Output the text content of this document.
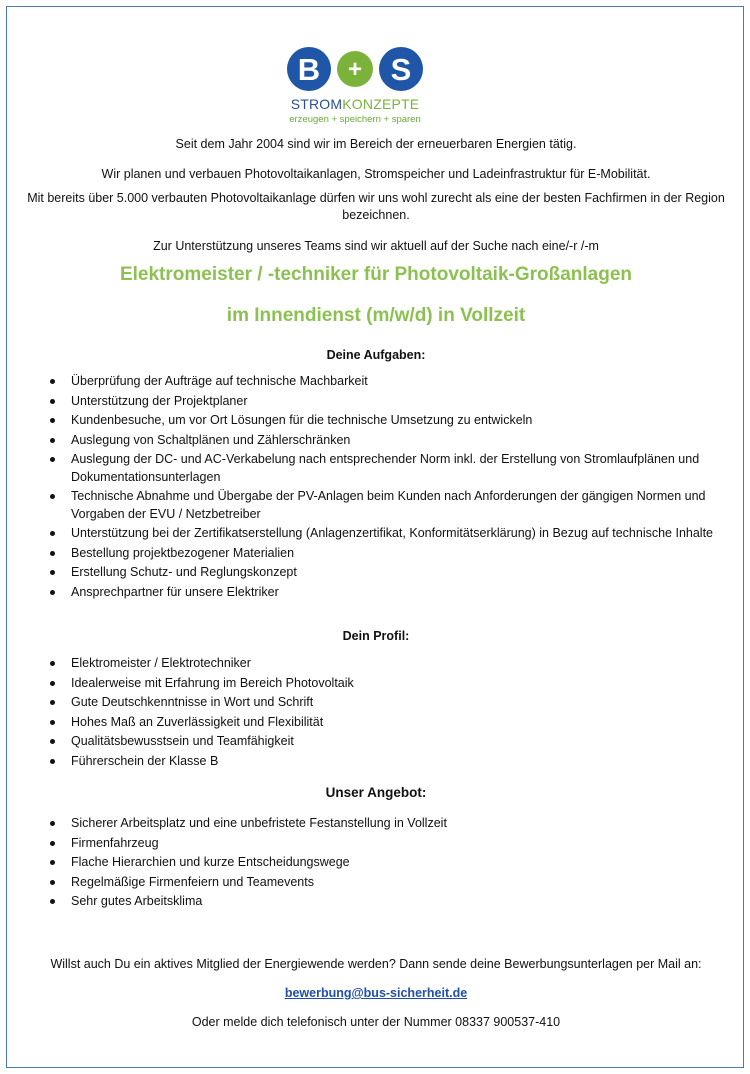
B + S
STROMKONZEPTE
erzeugen + speichern + sparen
Seit dem Jahr 2004 sind wir im Bereich der erneuerbaren Energien tätig.
Wir planen und verbauen Photovoltaikanlagen, Stromspeicher und Ladeinfrastruktur für E-Mobilität.
Mit bereits über 5.000 verbauten Photovoltaikanlage dürfen wir uns wohl zurecht als eine der besten Fachfirmen in der Region bezeichnen.
Zur Unterstützung unseres Teams sind wir aktuell auf der Suche nach eine/-r /-m
Elektromeister / -techniker für Photovoltaik-Großanlagen
im Innendienst (m/w/d) in Vollzeit
Deine Aufgaben:
Überprüfung der Aufträge auf technische Machbarkeit
Unterstützung der Projektplaner
Kundenbesuche, um vor Ort Lösungen für die technische Umsetzung zu entwickeln
Auslegung von Schaltplänen und Zählerschränken
Auslegung der DC- und AC-Verkabelung nach entsprechender Norm inkl. der Erstellung von Stromlaufplänen und Dokumentationsunterlagen
Technische Abnahme und Übergabe der PV-Anlagen beim Kunden nach Anforderungen der gängigen Normen und Vorgaben der EVU / Netzbetreiber
Unterstützung bei der Zertifikatserstellung (Anlagenzertifikat, Konformitätserklärung) in Bezug auf technische Inhalte
Bestellung projektbezogener Materialien
Erstellung Schutz- und Reglungskonzept
Ansprechpartner für unsere Elektriker
Dein Profil:
Elektromeister / Elektrotechniker
Idealerweise mit Erfahrung im Bereich Photovoltaik
Gute Deutschkenntnisse in Wort und Schrift
Hohes Maß an Zuverlässigkeit und Flexibilität
Qualitätsbewusstsein und Teamfähigkeit
Führerschein der Klasse B
Unser Angebot:
Sicherer Arbeitsplatz und eine unbefristete Festanstellung in Vollzeit
Firmenfahrzeug
Flache Hierarchien und kurze Entscheidungswege
Regelmäßige Firmenfeiern und Teamevents
Sehr gutes Arbeitsklima
Willst auch Du ein aktives Mitglied der Energiewende werden? Dann sende deine Bewerbungsunterlagen per Mail an:
bewerbung@bus-sicherheit.de
Oder melde dich telefonisch unter der Nummer 08337 900537-410
